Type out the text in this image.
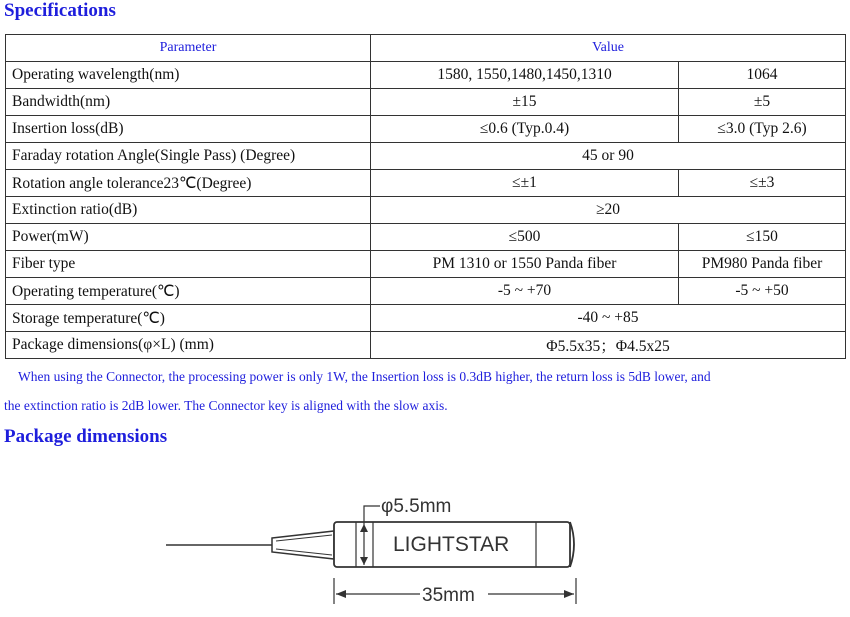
Specifications
Parameter	Value	
Operating wavelength(nm)	1580, 1550,1480,1450,1310	1064
Bandwidth(nm)	±15	±5
Insertion loss(dB)	≤0.6 (Typ.0.4)	≤3.0 (Typ 2.6)
Faraday rotation Angle(Single Pass) (Degree)	45 or 90	
Rotation angle tolerance23℃(Degree)	≤±1	≤±3
Extinction ratio(dB)	≥20	
Power(mW)	≤500	≤150
Fiber type	PM 1310 or 1550 Panda fiber	PM980 Panda fiber
Operating temperature(℃)	-5 ~ +70	-5 ~ +50
Storage temperature(℃)	-40 ~ +85	
Package dimensions(φ×L) (mm)	Φ5.5x35；Φ4.5x25	
When using the Connector, the processing power is only 1W, the Insertion loss is 0.3dB higher, the return loss is 5dB lower, and
the extinction ratio is 2dB lower. The Connector key is aligned with the slow axis.
Package dimensions
φ5.5mm
LIGHTSTAR
35mm
